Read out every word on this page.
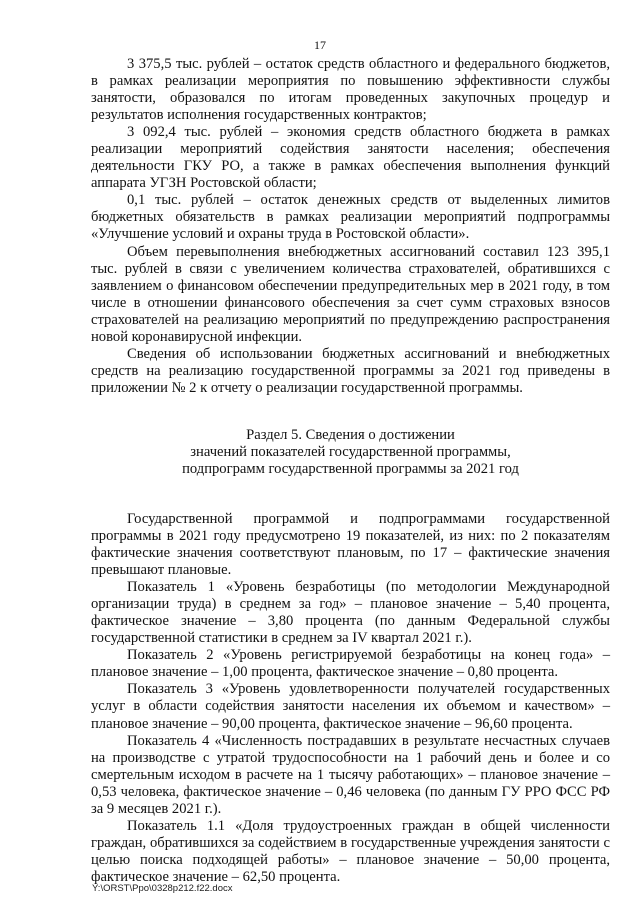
17

3 375,5 тыс. рублей – остаток средств областного и федерального бюджетов, в рамках реализации мероприятия по повышению эффективности службы занятости, образовался по итогам проведенных закупочных процедур и результатов исполнения государственных контрактов;

3 092,4 тыс. рублей – экономия средств областного бюджета в рамках реализации мероприятий содействия занятости населения; обеспечения деятельности ГКУ РО, а также в рамках обеспечения выполнения функций аппарата УГЗН Ростовской области;

0,1 тыс. рублей – остаток денежных средств от выделенных лимитов бюджетных обязательств в рамках реализации мероприятий подпрограммы «Улучшение условий и охраны труда в Ростовской области».

Объем перевыполнения внебюджетных ассигнований составил 123 395,1 тыс. рублей в связи с увеличением количества страхователей, обратившихся с заявлением о финансовом обеспечении предупредительных мер в 2021 году, в том числе в отношении финансового обеспечения за счет сумм страховых взносов страхователей на реализацию мероприятий по предупреждению распространения новой коронавирусной инфекции.

Сведения об использовании бюджетных ассигнований и внебюджетных средств на реализацию государственной программы за 2021 год приведены в приложении № 2 к отчету о реализации государственной программы.

Раздел 5. Сведения о достижении
значений показателей государственной программы,
подпрограмм государственной программы за 2021 год

Государственной программой и подпрограммами государственной программы в 2021 году предусмотрено 19 показателей, из них: по 2 показателям фактические значения соответствуют плановым, по 17 – фактические значения превышают плановые.

Показатель 1 «Уровень безработицы (по методологии Международной организации труда) в среднем за год» – плановое значение – 5,40 процента, фактическое значение – 3,80 процента (по данным Федеральной службы государственной статистики в среднем за IV квартал 2021 г.).

Показатель 2 «Уровень регистрируемой безработицы на конец года» – плановое значение – 1,00 процента, фактическое значение – 0,80 процента.

Показатель 3 «Уровень удовлетворенности получателей государственных услуг в области содействия занятости населения их объемом и качеством» – плановое значение – 90,00 процента, фактическое значение – 96,60 процента.

Показатель 4 «Численность пострадавших в результате несчастных случаев на производстве с утратой трудоспособности на 1 рабочий день и более и со смертельным исходом в расчете на 1 тысячу работающих» – плановое значение – 0,53 человека, фактическое значение – 0,46 человека (по данным ГУ РРО ФСС РФ за 9 месяцев 2021 г.).

Показатель 1.1 «Доля трудоустроенных граждан в общей численности граждан, обратившихся за содействием в государственные учреждения занятости с целью поиска подходящей работы» – плановое значение – 50,00 процента, фактическое значение – 62,50 процента.

Y:\ORST\Ppo\0328p212.f22.docx
